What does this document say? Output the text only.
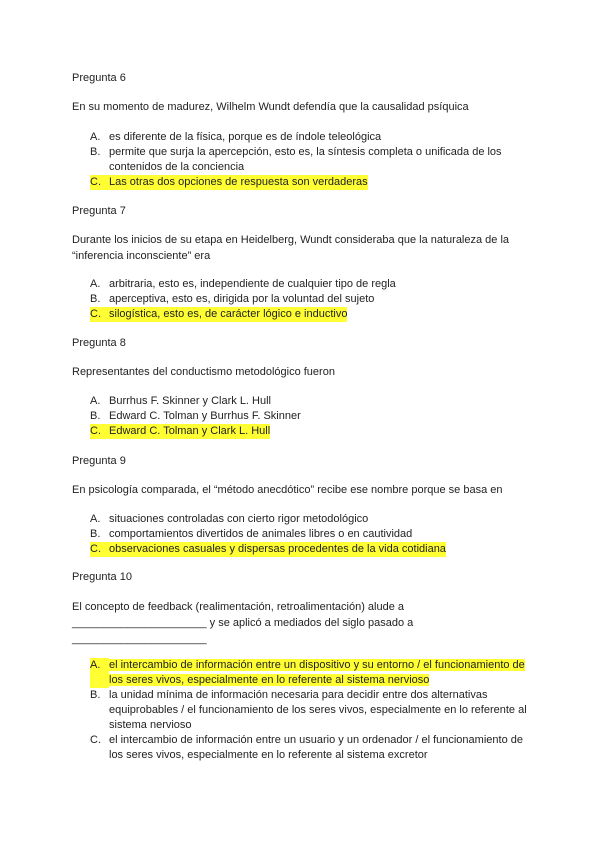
Pregunta 6
En su momento de madurez, Wilhelm Wundt defendía que la causalidad psíquica
A. es diferente de la física, porque es de índole teleológica
B. permite que surja la apercepción, esto es, la síntesis completa o unificada de los contenidos de la conciencia
C. Las otras dos opciones de respuesta son verdaderas
Pregunta 7
Durante los inicios de su etapa en Heidelberg, Wundt consideraba que la naturaleza de la “inferencia inconsciente” era
A. arbitraria, esto es, independiente de cualquier tipo de regla
B. aperceptiva, esto es, dirigida por la voluntad del sujeto
C. silogística, esto es, de carácter lógico e inductivo
Pregunta 8
Representantes del conductismo metodológico fueron
A. Burrhus F. Skinner y Clark L. Hull
B. Edward C. Tolman y Burrhus F. Skinner
C. Edward C. Tolman y Clark L. Hull
Pregunta 9
En psicología comparada, el “método anecdótico” recibe ese nombre porque se basa en
A. situaciones controladas con cierto rigor metodológico
B. comportamientos divertidos de animales libres o en cautividad
C. observaciones casuales y dispersas procedentes de la vida cotidiana
Pregunta 10
El concepto de feedback (realimentación, retroalimentación) alude a
______________________ y se aplicó a mediados del siglo pasado a
______________________
A. el intercambio de información entre un dispositivo y su entorno / el funcionamiento de los seres vivos, especialmente en lo referente al sistema nervioso
B. la unidad mínima de información necesaria para decidir entre dos alternativas equiprobables / el funcionamiento de los seres vivos, especialmente en lo referente al sistema nervioso
C. el intercambio de información entre un usuario y un ordenador / el funcionamiento de los seres vivos, especialmente en lo referente al sistema excretor
